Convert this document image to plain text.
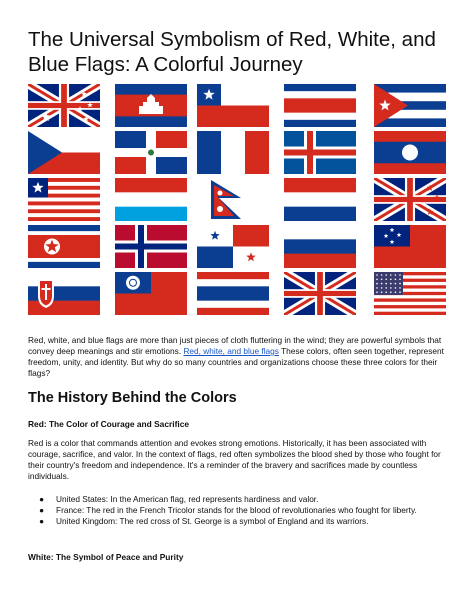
The Universal Symbolism of Red, White, and Blue Flags: A Colorful Journey

Red, white, and blue flags are more than just pieces of cloth fluttering in the wind; they are powerful symbols that convey deep meanings and stir emotions. Red, white, and blue flags These colors, often seen together, represent freedom, unity, and identity. But why do so many countries and organizations choose these three colors for their flags?

The History Behind the Colors
Red: The Color of Courage and Sacrifice

Red is a color that commands attention and evokes strong emotions. Historically, it has been associated with courage, sacrifice, and valor. In the context of flags, red often symbolizes the blood shed by those who fought for their country's freedom and independence. It's a reminder of the bravery and sacrifices made by countless individuals.

● United States: In the American flag, red represents hardiness and valor.
● France: The red in the French Tricolor stands for the blood of revolutionaries who fought for liberty.
● United Kingdom: The red cross of St. George is a symbol of England and its warriors.
White: The Symbol of Peace and Purity
